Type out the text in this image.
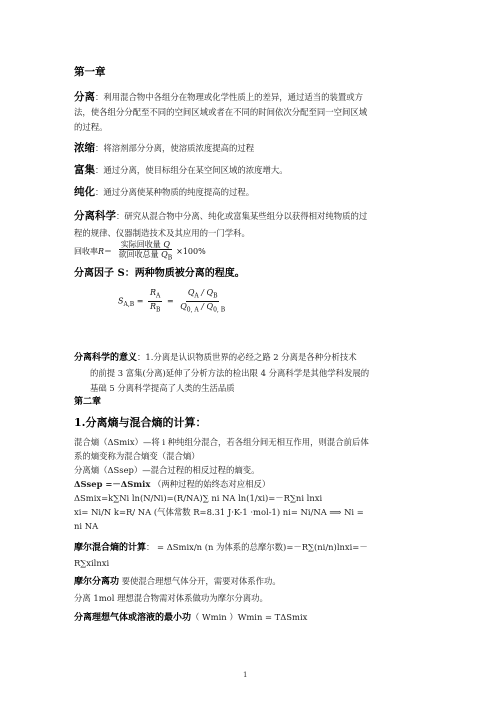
第一章
分离：利用混合物中各组分在物理或化学性质上的差异，通过适当的装置或方
法，使各组分分配至不同的空间区域或者在不同的时间依次分配至同一空间区域
的过程。
浓缩：将溶剂部分分离，使溶质浓度提高的过程
富集：通过分离，使目标组分在某空间区域的浓度增大。
纯化：通过分离使某种物质的纯度提高的过程。
分离科学：研究从混合物中分离、纯化或富集某些组分以获得相对纯物质的过
程的规律、仪器制造技术及其应用的一门学科。
回收率$R= \frac{\text{实际回收量 Q}}{欲回收总量 Q_B} \times 100\%$
分离因子 S：两种物质被分离的程度。
$S_{A,B} = \frac{R_A}{R_B} = \frac{Q_A / Q_B}{Q_{0, A} / Q_{0, B}}$
分离科学的意义：1.分离是认识物质世界的必经之路 2 分离是各种分析技术
的前提 3 富集(分离)延伸了分析方法的检出限 4 分离科学是其他学科发展的
基础 5 分离科学提高了人类的生活品质
第二章
1.分离熵与混合熵的计算：
混合熵（ΔSmix）—将 i 种纯组分混合，若各组分间无相互作用，则混合前后体
系的熵变称为混合熵变（混合熵）
分离熵（ΔSsep）—混合过程的相反过程的熵变。
ΔSsep =－ΔSmix （两种过程的始终态对应相反）
ΔSmix=k∑Ni ln(N/Ni)=(R/NA)∑ ni NA ln(1/xi)=－R∑ni lnxi
xi= Ni/N k=R/ NA (气体常数 R=8.31 J·K-1 ·mol-1) ni= Ni/NA ⟹ Ni =
ni NA
摩尔混合熵的计算： = ΔSmix/n (n 为体系的总摩尔数)=－R∑(ni/n)lnxi=－
R∑xilnxi
摩尔分离功 要使混合理想气体分开，需要对体系作功。
分离 1mol 理想混合物需对体系做功为摩尔分离功。
分离理想气体或溶液的最小功（ Wmin ）Wmin = TΔSmix
1
